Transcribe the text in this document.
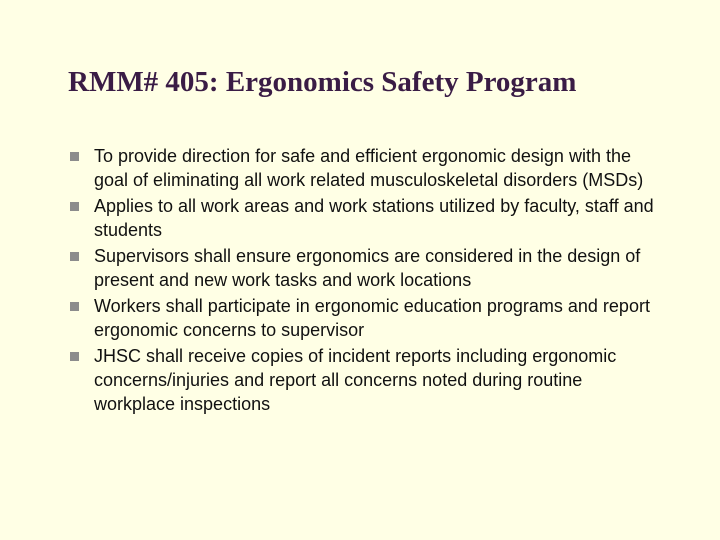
RMM# 405: Ergonomics Safety Program
To provide direction for safe and efficient ergonomic design with the goal of eliminating all work related musculoskeletal disorders (MSDs)
Applies to all work areas and work stations utilized by faculty, staff and students
Supervisors shall ensure ergonomics are considered in the design of present and new work tasks and work locations
Workers shall participate in ergonomic education programs and report ergonomic concerns to supervisor
JHSC shall receive copies of incident reports including ergonomic concerns/injuries and report all concerns noted during routine workplace inspections
